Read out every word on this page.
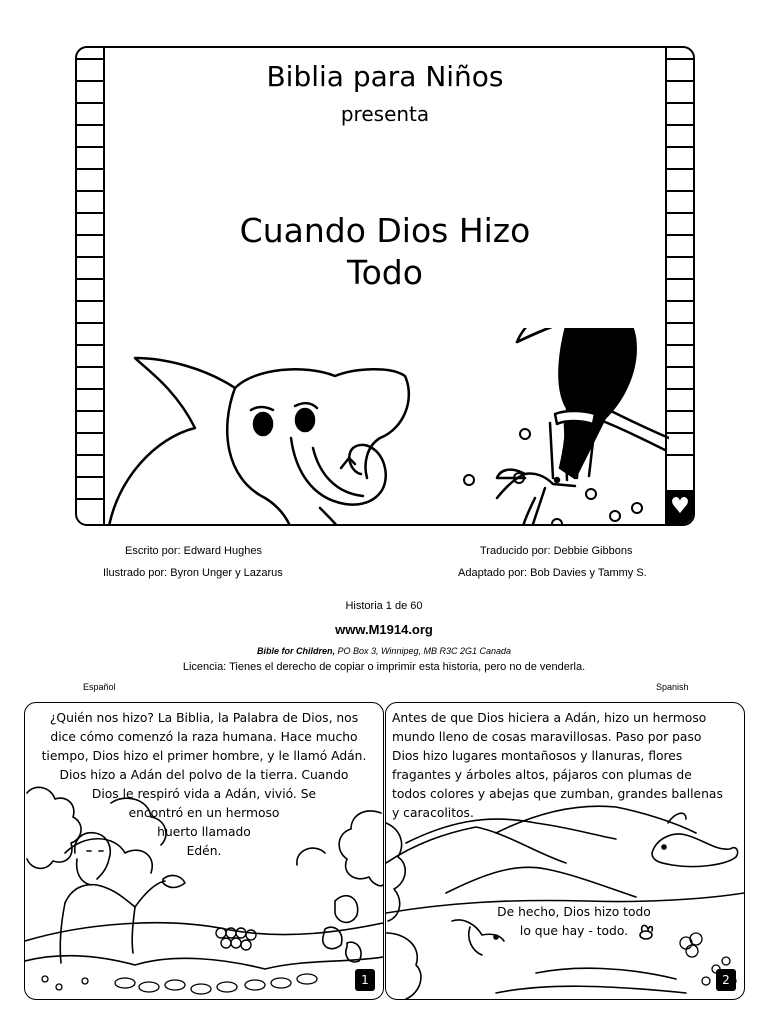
♥
Biblia para Niños
presenta
Cuando Dios Hizo
Todo
Escrito por: Edward Hughes
Ilustrado por: Byron Unger y Lazarus
Traducido por: Debbie Gibbons
Adaptado por: Bob Davies y Tammy S.
Historia 1 de 60
www.M1914.org
Bible for Children, PO Box 3, Winnipeg, MB R3C 2G1 Canada
Licencia: Tienes el derecho de copiar o imprimir esta historia, pero no de venderla.
Español	Spanish
¿Quién nos hizo? La Biblia, la Palabra de Dios, nos
dice cómo comenzó la raza humana. Hace mucho
tiempo, Dios hizo el primer hombre, y le llamó Adán.
Dios hizo a Adán del polvo de la tierra. Cuando
Dios le respiró vida a Adán, vivió. Se
encontró en un hermoso
huerto llamado
Edén.
1
Antes de que Dios hiciera a Adán, hizo un hermoso
mundo lleno de cosas maravillosas. Paso por paso
Dios hizo lugares montañosos y llanuras, flores
fragantes y árboles altos, pájaros con plumas de
todos colores y abejas que zumban, grandes ballenas
y caracolitos.
De hecho, Dios hizo todo
lo que hay - todo.
2
